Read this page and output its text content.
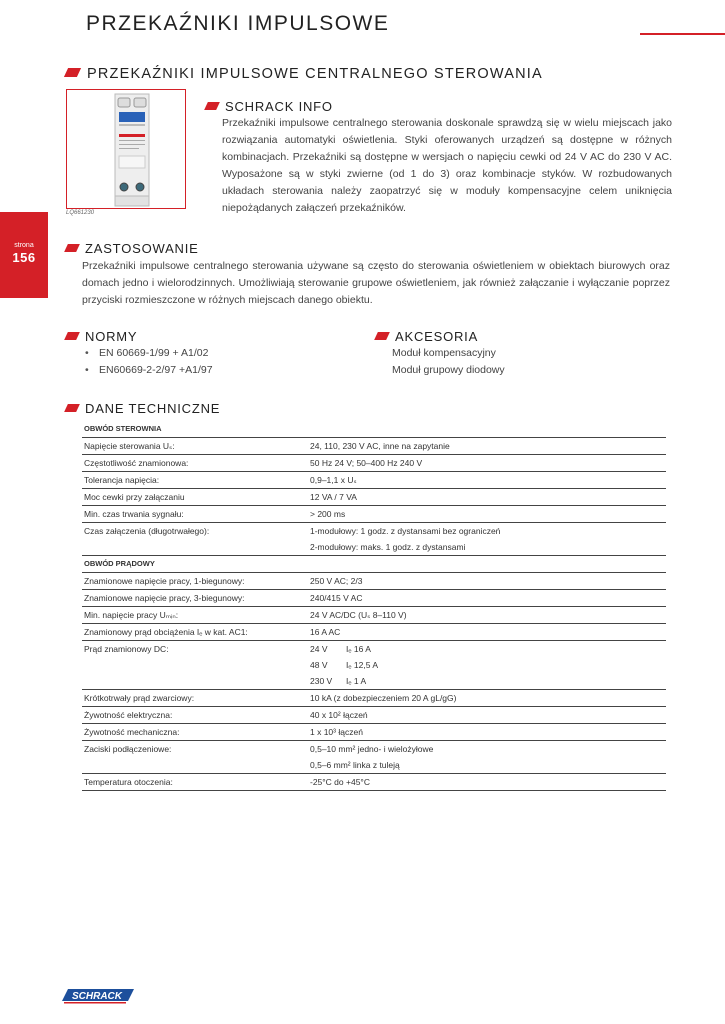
PRZEKAŹNIKI IMPULSOWE
PRZEKAŹNIKI IMPULSOWE CENTRALNEGO STEROWANIA
LQ661230
SCHRACK INFO

Przekaźniki impulsowe centralnego sterowania doskonale sprawdzą się w wielu miejscach jako rozwiązania automatyki oświetlenia. Styki oferowanych urządzeń są dostępne w różnych kombinacjach. Przekaźniki są dostępne w wersjach o napięciu cewki od 24 V AC do 230 V AC. Wyposażone są w styki zwierne (od 1 do 3) oraz kombinacje styków. W rozbudowanych układach sterowania należy zaopatrzyć się w moduły kompensacyjne celem uniknięcia niepożądanych załączeń przekaźników.

strona
156
ZASTOSOWANIE

Przekaźniki impulsowe centralnego sterowania używane są często do sterowania oświetleniem w obiektach biurowych oraz domach jedno i wielorodzinnych. Umożliwiają sterowanie grupowe oświetleniem, jak również załączanie i wyłączanie poprzez przyciski rozmieszczone w różnych miejscach danego obiektu.

NORMY
• EN 60669-1/99 + A1/02
• EN60669-2-2/97 +A1/97
AKCESORIA
Moduł kompensacyjny
Moduł grupowy diodowy
DANE TECHNICZNE
OBWÓD STEROWNIA	
Napięcie sterowania Uₛ:	24, 110, 230 V AC, inne na zapytanie
Częstotliwość znamionowa:	50 Hz 24 V; 50–400 Hz 240 V
Tolerancja napięcia:	0,9–1,1 x Uₛ
Moc cewki przy załączaniu	12 VA / 7 VA
Min. czas trwania sygnału:	> 200 ms
Czas załączenia (długotrwałego):	1-modułowy: 1 godz. z dystansami bez ograniczeń
	2-modułowy: maks. 1 godz. z dystansami
OBWÓD PRĄDOWY	
Znamionowe napięcie pracy, 1-biegunowy:	250 V AC; 2/3
Znamionowe napięcie pracy, 3-biegunowy:	240/415 V AC
Min. napięcie pracy Uₘᵢₙ:	24 V AC/DC (Uₛ 8–110 V)
Znamionowy prąd obciążenia Iₑ w kat. AC1:	16 A AC
Prąd znamionowy DC:	24 V Iₑ 16 A
	48 V Iₑ 12,5 A
	230 V Iₑ 1 A
Krótkotrwały prąd zwarciowy:	10 kA (z dobezpieczeniem 20 A gL/gG)
Żywotność elektryczna:	40 x 10² łączeń
Żywotność mechaniczna:	1 x 10³ łączeń
Zaciski podłączeniowe:	0,5–10 mm² jedno- i wielożyłowe
	0,5–6 mm² linka z tuleją
Temperatura otoczenia:	-25°C do +45°C
SCHRACK
